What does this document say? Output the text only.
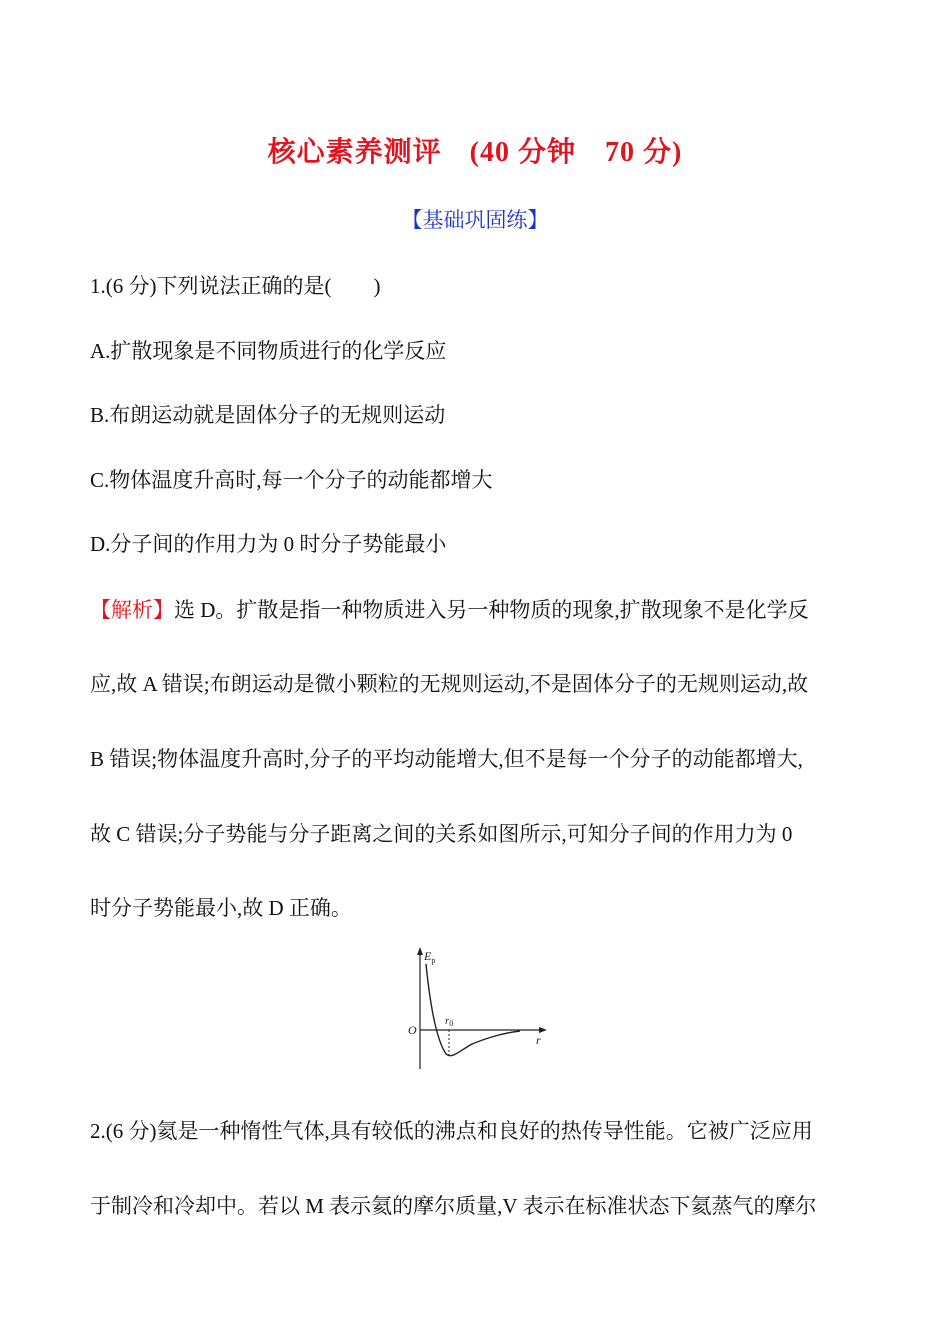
核心素养测评 (40 分钟　70 分)
【基础巩固练】
1.(6 分)下列说法正确的是(　　)
A.扩散现象是不同物质进行的化学反应
B.布朗运动就是固体分子的无规则运动
C.物体温度升高时,每一个分子的动能都增大
D.分子间的作用力为 0 时分子势能最小
【解析】选 D。扩散是指一种物质进入另一种物质的现象,扩散现象不是化学反
应,故 A 错误;布朗运动是微小颗粒的无规则运动,不是固体分子的无规则运动,故
B 错误;物体温度升高时,分子的平均动能增大,但不是每一个分子的动能都增大,
故 C 错误;分子势能与分子距离之间的关系如图所示,可知分子间的作用力为 0
时分子势能最小,故 D 正确。
$E_p$
O
r
r0
2.(6 分)氦是一种惰性气体,具有较低的沸点和良好的热传导性能。它被广泛应用
于制冷和冷却中。若以 M 表示氦的摩尔质量,V 表示在标准状态下氦蒸气的摩尔
